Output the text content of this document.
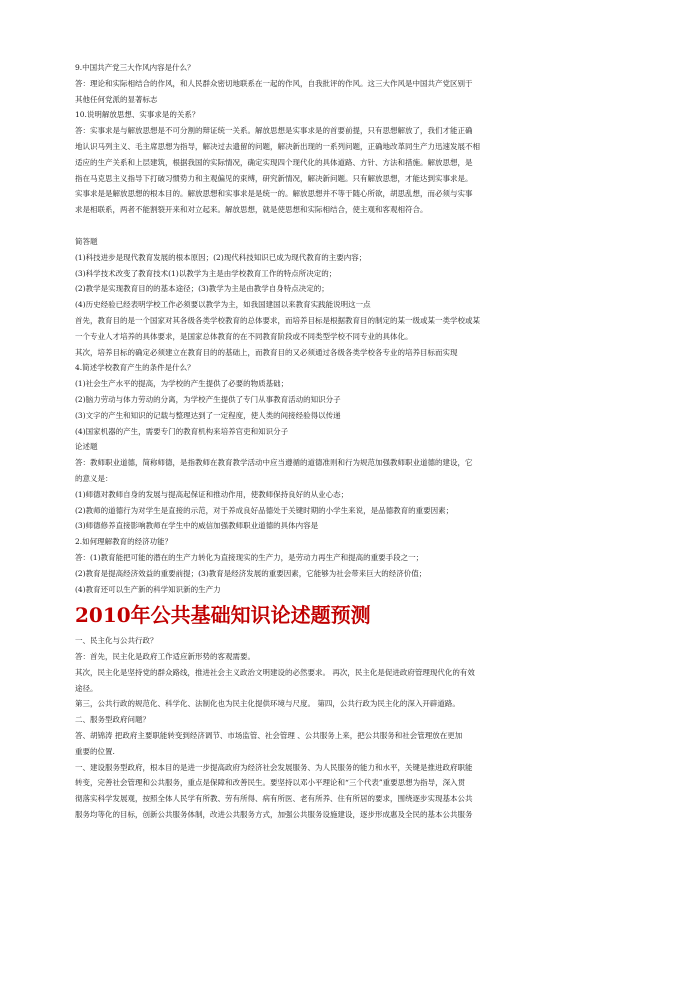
9.中国共产党三大作风内容是什么？
答：理论和实际相结合的作风，和人民群众密切地联系在一起的作风，自我批评的作风。这三大作风是中国共产党区别于
其他任何党派的显著标志
10.说明解放思想、实事求是的关系？
答：实事求是与解放思想是不可分割的辩证统一关系。解放思想是实事求是的首要前提，只有思想解放了，我们才能正确
地认识马列主义、毛主席思想为指导，解决过去遗留的问题，解决新出现的一系列问题，正确地改革同生产力迅速发展不相
适应的生产关系和上层建筑，根据我国的实际情况，确定实现四个现代化的具体道路、方针、方法和措施。解放思想，是
指在马克思主义指导下打破习惯势力和主观偏见的束缚，研究新情况，解决新问题。只有解放思想，才能达到实事求是。
实事求是是解放思想的根本目的。解放思想和实事求是是统一的。解放思想并不等于随心所欲，胡思乱想，而必须与实事
求是相联系，两者不能割裂开来和对立起来。解放思想，就是使思想和实际相结合，使主观和客观相符合。
简答题
(1)科技进步是现代教育发展的根本原因；(2)现代科技知识已成为现代教育的主要内容；
(3)科学技术改变了教育技术(1)以教学为主是由学校教育工作的特点所决定的；
(2)教学是实现教育目的的基本途径；(3)教学为主是由教学自身特点决定的；
(4)历史经验已经表明学校工作必须要以教学为主，如我国建国以来教育实践能说明这一点
首先，教育目的是一个国家对其各级各类学校教育的总体要求，而培养目标是根据教育目的制定的某一级或某一类学校或某
一个专业人才培养的具体要求，是国家总体教育的在不同教育阶段或不同类型学校不同专业的具体化。
其次，培养目标的确定必须建立在教育目的的基础上，而教育目的又必须通过各级各类学校各专业的培养目标而实现
4.简述学校教育产生的条件是什么？
(1)社会生产水平的提高，为学校的产生提供了必要的物质基础；
(2)脑力劳动与体力劳动的分离，为学校产生提供了专门从事教育活动的知识分子
(3)文字的产生和知识的记载与整理达到了一定程度，使人类的间接经验得以传递
(4)国家机器的产生，需要专门的教育机构来培养官吏和知识分子
论述题
答：教师职业道德，简称师德，是指教师在教育教学活动中应当遵循的道德准则和行为规范加强教师职业道德的建设，它
的意义是：
(1)师德对教师自身的发展与提高起保证和推动作用，使教师保持良好的从业心态；
(2)教师的道德行为对学生是直接的示范，对于养成良好品德处于关键时期的小学生来说，是品德教育的重要因素；
(3)师德修养直接影响教师在学生中的威信加强教师职业道德的具体内容是
2.如何理解教育的经济功能？
答：(1)教育能把可能的潜在的生产力转化为直接现实的生产力，是劳动力再生产和提高的重要手段之一；
(2)教育是提高经济效益的重要前提；(3)教育是经济发展的重要因素，它能够为社会带来巨大的经济价值；
(4)教育还可以生产新的科学知识新的生产力
2010年公共基础知识论述题预测
一、民主化与公共行政？
答：首先，民主化是政府工作适应新形势的客观需要。
其次，民主化是坚持党的群众路线，推进社会主义政治文明建设的必然要求。 再次，民主化是促进政府管理现代化的有效
途径。
第三，公共行政的规范化、科学化、法制化也为民主化提供环境与尺度。 第四，公共行政为民主化的深入开辟道路。
二、服务型政府问题？
答、胡锦涛 把政府主要职能转变到经济调节、市场监管、社会管理 、公共服务上来，把公共服务和社会管理放在更加
重要的位置.
一、建设服务型政府，根本目的是进一步提高政府为经济社会发展服务、为人民服务的能力和水平，关键是推进政府职能
转变，完善社会管理和公共服务，重点是保障和改善民生。要坚持以邓小平理论和“三个代表”重要思想为指导，深入贯
彻落实科学发展观，按照全体人民学有所教、劳有所得、病有所医、老有所养、住有所居的要求，围绕逐步实现基本公共
服务均等化的目标，创新公共服务体制，改进公共服务方式，加强公共服务设施建设，逐步形成惠及全民的基本公共服务
